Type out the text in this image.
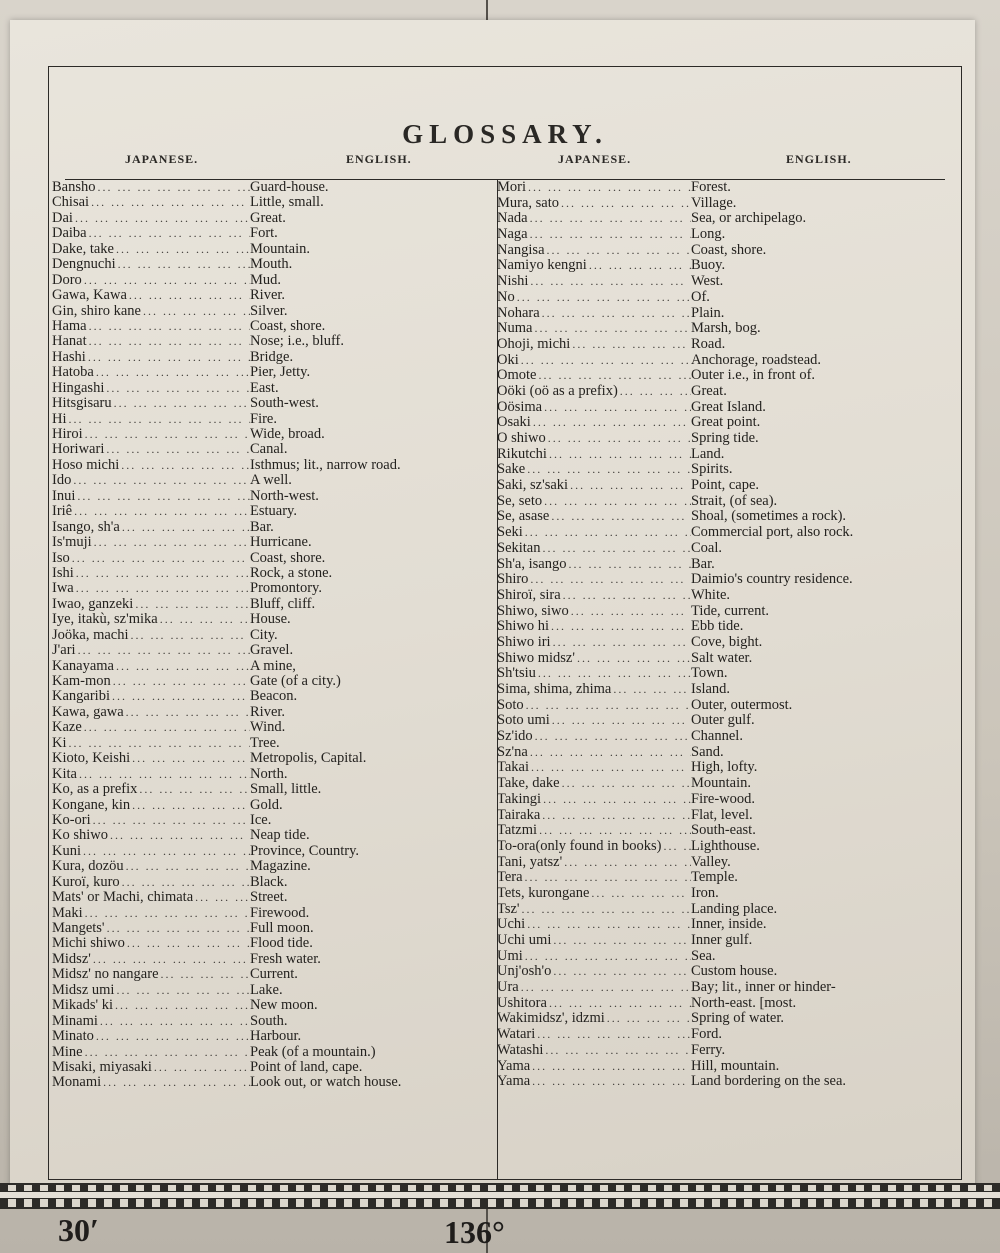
GLOSSARY.
JAPANESE.	ENGLISH.	JAPANESE.	ENGLISH.
Bansho ... .	Guard-house.
Chisai ... .	Little, small.
Dai ... .	Great.
Daiba ... .	Fort.
Dake, take ... .	Mountain.
Dengnuchi ... .	Mouth.
Doro ... .	Mud.
Gawa, Kawa ... .	River.
Gin, shiro kane ... .	Silver.
Hama ... .	Coast, shore.
Hanat ... .	Nose; i.e., bluff.
Hashi ... .	Bridge.
Hatoba ... .	Pier, Jetty.
Hingashi ... .	East.
Hitsgisaru ... .	South-west.
Hi ... .	Fire.
Hiroi ... .	Wide, broad.
Horiwari ... .	Canal.
Hoso michi ... .	Isthmus; lit., narrow road.
Ido ... .	A well.
Inui ... .	North-west.
Iriê ... .	Estuary.
Isango, sh'a ... .	Bar.
Is'muji ... .	Hurricane.
Iso ... .	Coast, shore.
Ishi ... .	Rock, a stone.
Iwa ... .	Promontory.
Iwao, ganzeki ... .	Bluff, cliff.
Iye, itakù, sz'mika ... .	House.
Joöka, machi ... .	City.
J'ari ... .	Gravel.
Kanayama ... .	A mine,
Kam-mon ... .	Gate (of a city.)
Kangaribi ... .	Beacon.
Kawa, gawa ... .	River.
Kaze ... .	Wind.
Ki ... .	Tree.
Kioto, Keishi ... .	Metropolis, Capital.
Kita ... .	North.
Ko, as a prefix ... .	Small, little.
Kongane, kin ... .	Gold.
Ko-ori ... .	Ice.
Ko shiwo ... .	Neap tide.
Kuni ... .	Province, Country.
Kura, dozöu ... .	Magazine.
Kuroï, kuro ... .	Black.
Mats' or Machi, chimata ... .	Street.
Maki ... .	Firewood.
Mangets' ... .	Full moon.
Michi shiwo ... .	Flood tide.
Midsz' ... .	Fresh water.
Midsz' no nangare ... .	Current.
Midsz umi ... .	Lake.
Mikads' ki ... .	New moon.
Minami ... .	South.
Minato ... .	Harbour.
Mine ... .	Peak (of a mountain.)
Misaki, miyasaki ... .	Point of land, cape.
Monami ... .	Look out, or watch house.
Mori ... .	Forest.
Mura, sato ... .	Village.
Nada ... .	Sea, or archipelago.
Naga ... .	Long.
Nangisa ... .	Coast, shore.
Namiyo kengni ... .	Buoy.
Nishi ... .	West.
No ... .	Of.
Nohara ... .	Plain.
Numa ... .	Marsh, bog.
Ohoji, michi ... .	Road.
Oki ... .	Anchorage, roadstead.
Omote ... .	Outer i.e., in front of.
Oöki (oö as a prefix) ... .	Great.
Oösima ... .	Great Island.
Osaki ... .	Great point.
O shiwo ... .	Spring tide.
Rikutchi ... .	Land.
Sake ... .	Spirits.
Saki, sz'saki ... .	Point, cape.
Se, seto ... .	Strait, (of sea).
Se, asase ... .	Shoal, (sometimes a rock).
Seki ... .	Commercial port, also rock.
Sekitan ... .	Coal.
Sh'a, isango ... .	Bar.
Shiro ... .	Daimio's country residence.
Shiroï, sira ... .	White.
Shiwo, siwo ... .	Tide, current.
Shiwo hi ... .	Ebb tide.
Shiwo iri ... .	Cove, bight.
Shiwo midsz' ... .	Salt water.
Sh'tsiu ... .	Town.
Sima, shima, zhima ... .	Island.
Soto ... .	Outer, outermost.
Soto umi ... .	Outer gulf.
Sz'ido ... .	Channel.
Sz'na ... .	Sand.
Takai ... .	High, lofty.
Take, dake ... .	Mountain.
Takingi ... .	Fire-wood.
Tairaka ... .	Flat, level.
Tatzmi ... .	South-east.
To-ora(only found in books) ... . Lighthouse.
Tani, yatsz' ... .	Valley.
Tera ... .	Temple.
Tets, kurongane ... .	Iron.
Tsz' ... .	Landing place.
Uchi ... .	Inner, inside.
Uchi umi ... .	Inner gulf.
Umi ... .	Sea.
Unj'osh'o ... .	Custom house.
Ura ... .	Bay; lit., inner or hinder-
Ushitora ... .	North-east. [most.
Wakimidsz', idzmi ... .	Spring of water.
Watari ... .	Ford.
Watashi ... .	Ferry.
Yama ... .	Hill, mountain.
Yama ... .	Land bordering on the sea.
30′	136°
